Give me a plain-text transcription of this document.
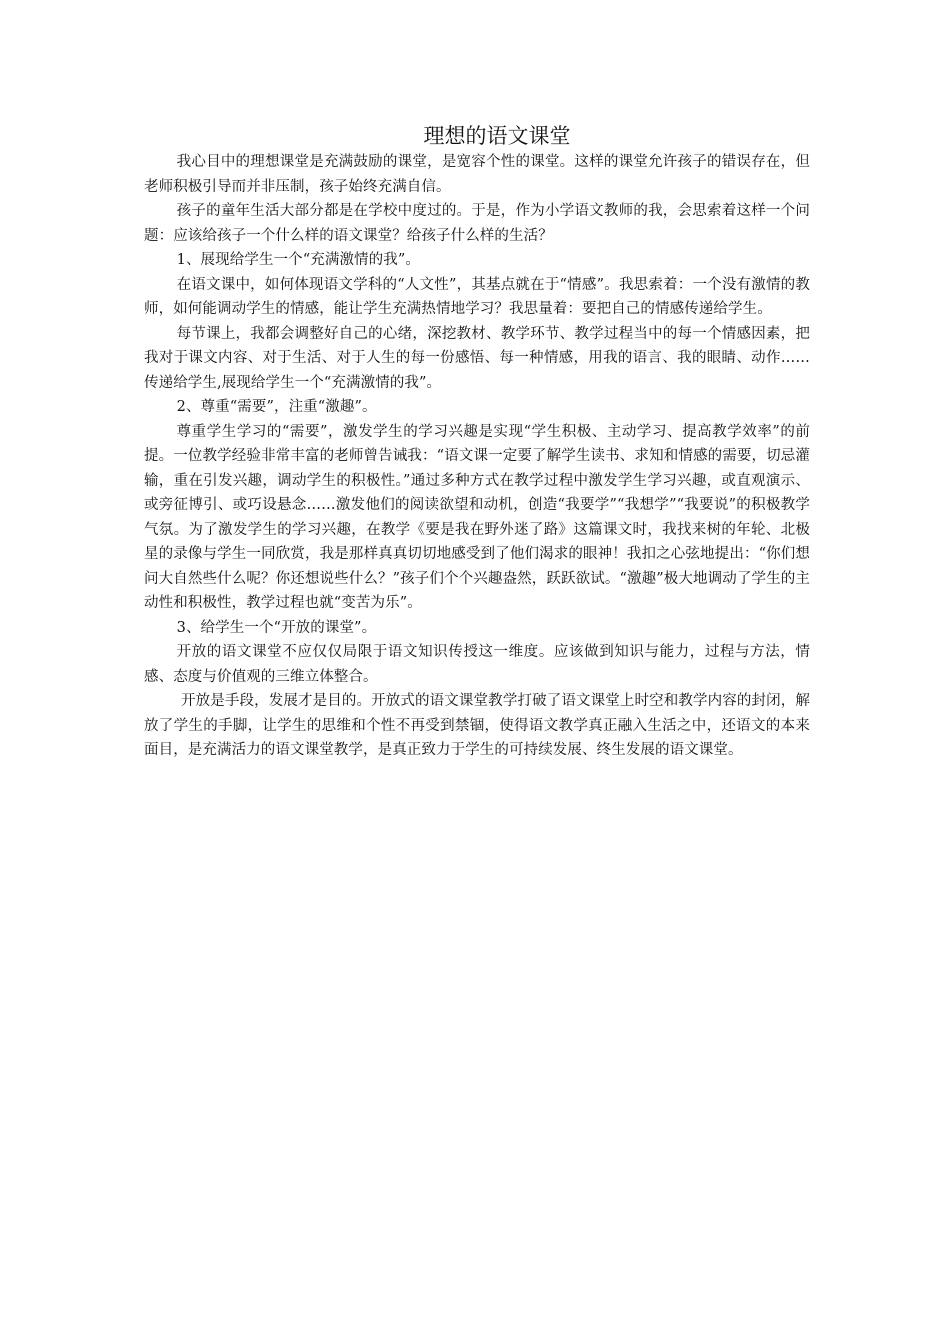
理想的语文课堂

我心目中的理想课堂是充满鼓励的课堂，是宽容个性的课堂。这样的课堂允许孩子的错误存在，但老师积极引导而并非压制，孩子始终充满自信。

孩子的童年生活大部分都是在学校中度过的。于是，作为小学语文教师的我，会思索着这样一个问题：应该给孩子一个什么样的语文课堂？给孩子什么样的生活？

1、展现给学生一个“充满激情的我”。

在语文课中，如何体现语文学科的“人文性”，其基点就在于“情感”。我思索着：一个没有激情的教师，如何能调动学生的情感，能让学生充满热情地学习？我思量着：要把自己的情感传递给学生。

每节课上，我都会调整好自己的心绪，深挖教材、教学环节、教学过程当中的每一个情感因素，把我对于课文内容、对于生活、对于人生的每一份感悟、每一种情感，用我的语言、我的眼睛、动作……传递给学生,展现给学生一个“充满激情的我”。

2、尊重“需要”，注重“激趣”。

尊重学生学习的“需要”，激发学生的学习兴趣是实现“学生积极、主动学习、提高教学效率”的前提。一位教学经验非常丰富的老师曾告诫我：“语文课一定要了解学生读书、求知和情感的需要，切忌灌输，重在引发兴趣，调动学生的积极性。”通过多种方式在教学过程中激发学生学习兴趣，或直观演示、或旁征博引、或巧设悬念……激发他们的阅读欲望和动机，创造“我要学”“我想学”“我要说”的积极教学气氛。为了激发学生的学习兴趣，在教学《要是我在野外迷了路》这篇课文时，我找来树的年轮、北极星的录像与学生一同欣赏，我是那样真真切切地感受到了他们渴求的眼神！我扣之心弦地提出：“你们想问大自然些什么呢？你还想说些什么？”孩子们个个兴趣盎然，跃跃欲试。“激趣”极大地调动了学生的主动性和积极性，教学过程也就“变苦为乐”。

3、给学生一个“开放的课堂”。

开放的语文课堂不应仅仅局限于语文知识传授这一维度。应该做到知识与能力，过程与方法，情感、态度与价值观的三维立体整合。

开放是手段，发展才是目的。开放式的语文课堂教学打破了语文课堂上时空和教学内容的封闭，解放了学生的手脚，让学生的思维和个性不再受到禁锢，使得语文教学真正融入生活之中，还语文的本来面目，是充满活力的语文课堂教学，是真正致力于学生的可持续发展、终生发展的语文课堂。
